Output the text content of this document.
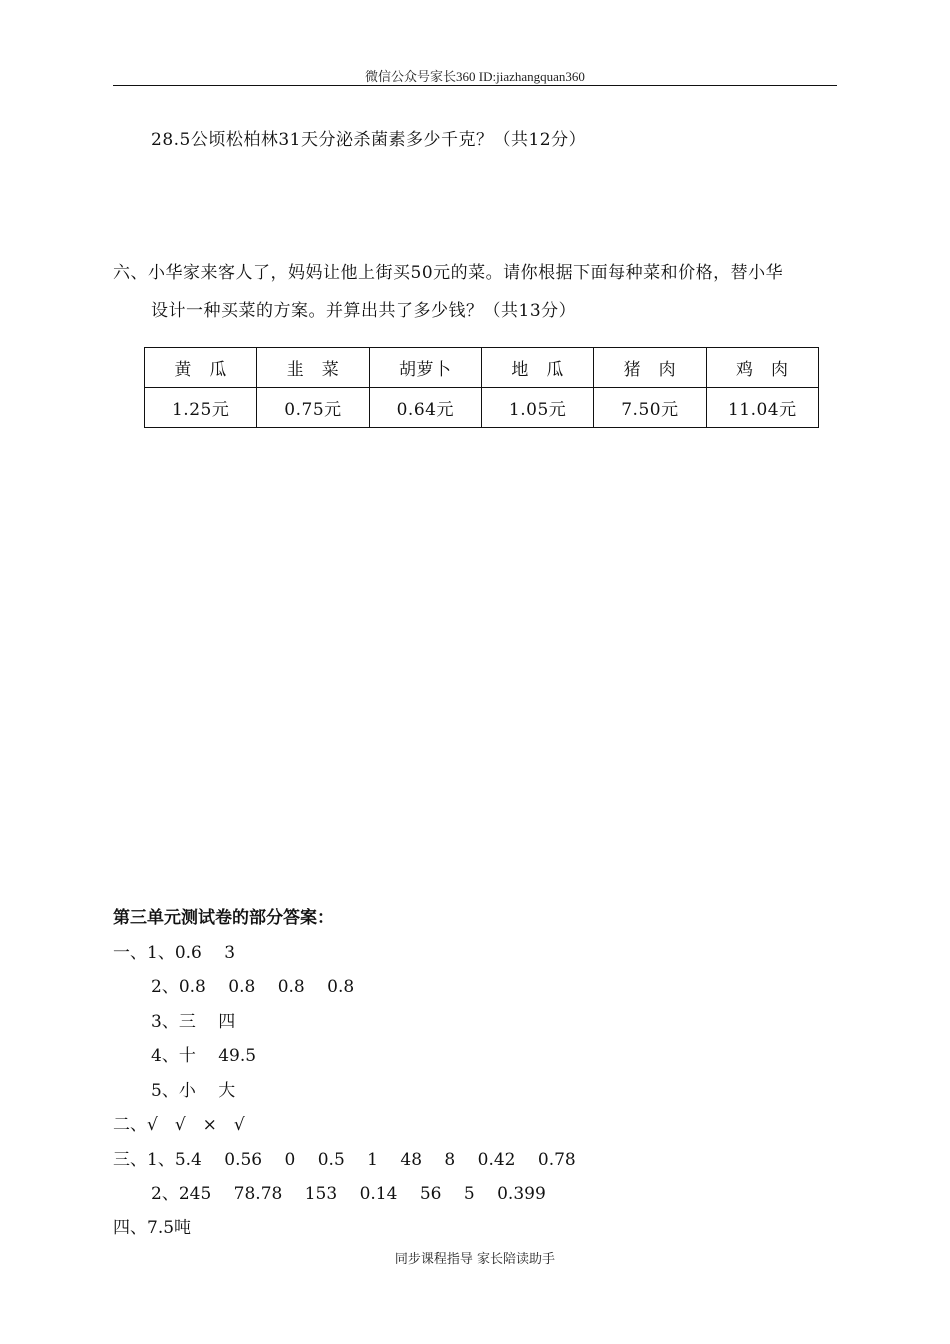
微信公众号家长360 ID:jiazhangquan360
28.5公顷松柏林31天分泌杀菌素多少千克？（共12分）
六、小华家来客人了，妈妈让他上街买50元的菜。请你根据下面每种菜和价格，替小华
设计一种买菜的方案。并算出共了多少钱？（共13分）
黄　瓜	韭　菜	胡萝卜	地　瓜	猪　肉	鸡　肉
1.25元	0.75元	0.64元	1.05元	7.50元	11.04元
第三单元测试卷的部分答案：
一、1、0.6　 3
2、0.8　 0.8　 0.8　 0.8
3、三　 四
4、十　 49.5
5、小　 大
二、√　√　×　√
三、1、5.4　 0.56　 0　 0.5　 1　 48　 8　 0.42　 0.78
2、245　 78.78　 153　 0.14　 56　 5　 0.399
四、7.5吨
同步课程指导 家长陪读助手
